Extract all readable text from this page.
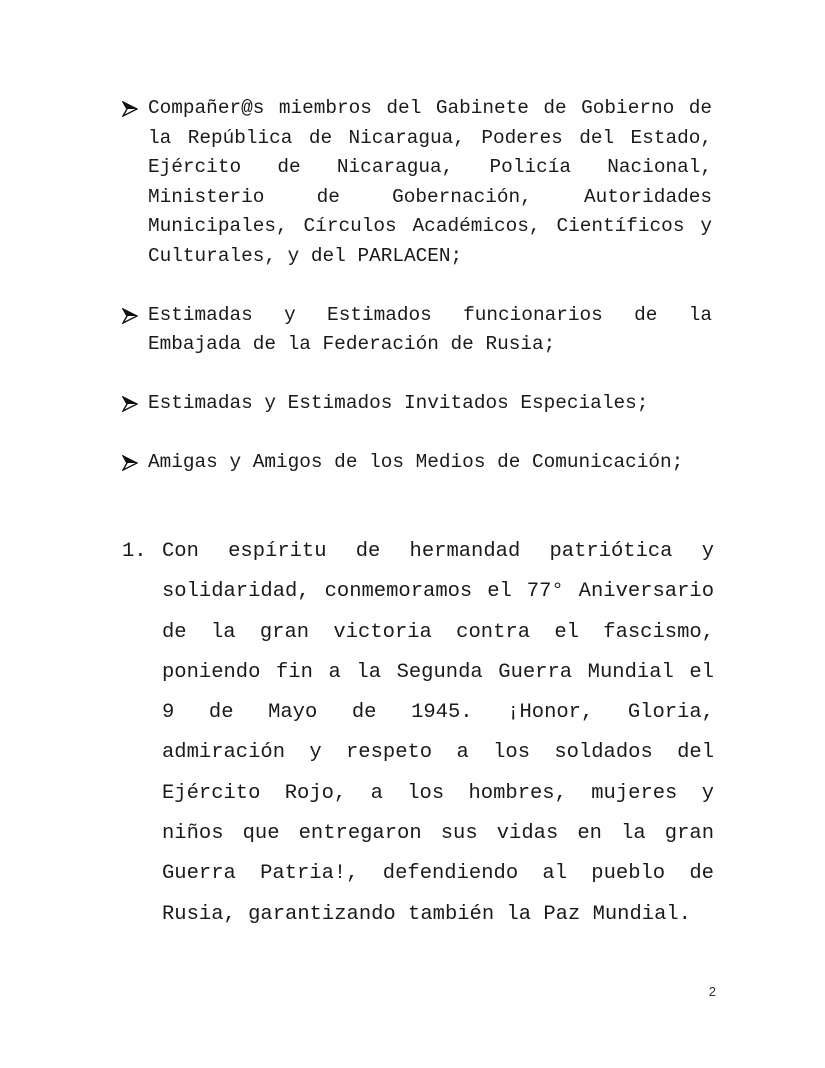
Compañer@s miembros del Gabinete de Gobierno de la República de Nicaragua, Poderes del Estado, Ejército de Nicaragua, Policía Nacional, Ministerio de Gobernación, Autoridades Municipales, Círculos Académicos, Científicos y Culturales, y del PARLACEN;
Estimadas y Estimados funcionarios de la Embajada de la Federación de Rusia;
Estimadas y Estimados Invitados Especiales;
Amigas y Amigos de los Medios de Comunicación;
1. Con espíritu de hermandad patriótica y solidaridad, conmemoramos el 77° Aniversario de la gran victoria contra el fascismo, poniendo fin a la Segunda Guerra Mundial el 9 de Mayo de 1945. ¡Honor, Gloria, admiración y respeto a los soldados del Ejército Rojo, a los hombres, mujeres y niños que entregaron sus vidas en la gran Guerra Patria!, defendiendo al pueblo de Rusia, garantizando también la Paz Mundial.
2
